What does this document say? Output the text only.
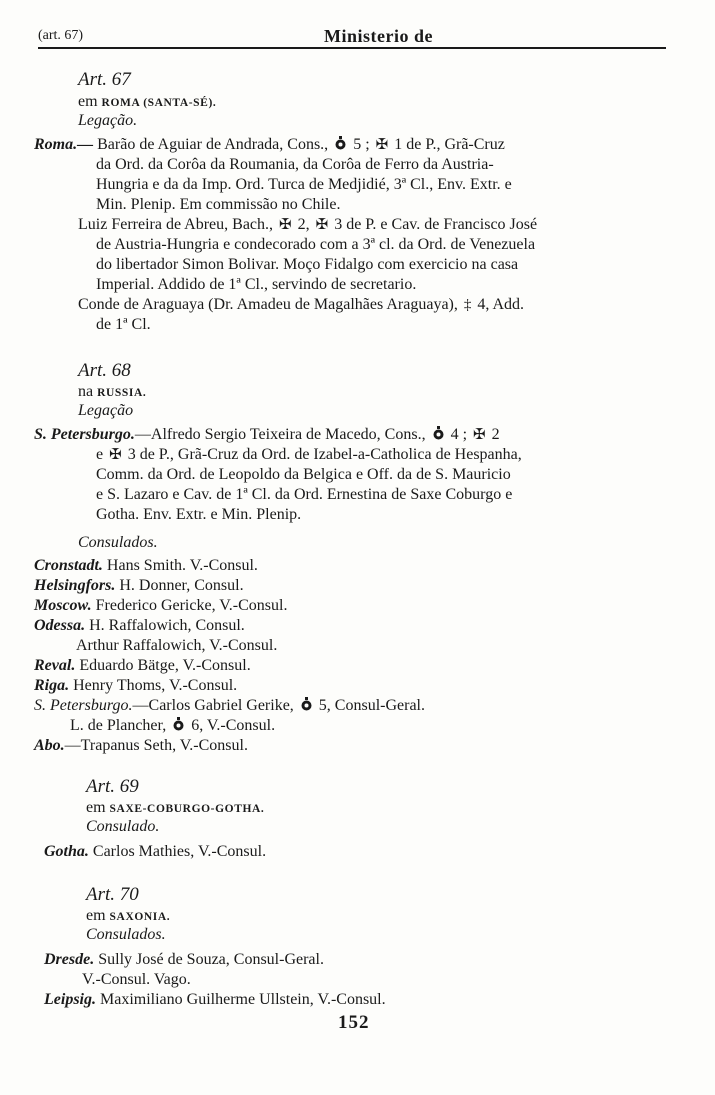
(art. 67)	Ministerio de
Art. 67
em ROMA (SANTA-SÉ).
Legação.
Roma.— Barão de Aguiar de Andrada, Cons., 5 ; ✠ 1 de P., Grã-Cruz
da Ord. da Corôa da Roumania, da Corôa de Ferro da Austria-
Hungria e da da Imp. Ord. Turca de Medjidié, 3ª Cl., Env. Extr. e
Min. Plenip. Em commissão no Chile.
Luiz Ferreira de Abreu, Bach., ✠ 2, ✠ 3 de P. e Cav. de Francisco José
de Austria-Hungria e condecorado com a 3ª cl. da Ord. de Venezuela
do libertador Simon Bolivar. Moço Fidalgo com exercicio na casa
Imperial. Addido de 1ª Cl., servindo de secretario.
Conde de Araguaya (Dr. Amadeu de Magalhães Araguaya), ‡ 4, Add.
de 1ª Cl.
Art. 68
na RUSSIA.
Legação
S. Petersburgo.—Alfredo Sergio Teixeira de Macedo, Cons., 4 ; ✠ 2
e ✠ 3 de P., Grã-Cruz da Ord. de Izabel-a-Catholica de Hespanha,
Comm. da Ord. de Leopoldo da Belgica e Off. da de S. Mauricio
e S. Lazaro e Cav. de 1ª Cl. da Ord. Ernestina de Saxe Coburgo e
Gotha. Env. Extr. e Min. Plenip.
Consulados.
Cronstadt. Hans Smith. V.-Consul.
Helsingfors. H. Donner, Consul.
Moscow. Frederico Gericke, V.-Consul.
Odessa. H. Raffalowich, Consul.
Arthur Raffalowich, V.-Consul.
Reval. Eduardo Bätge, V.-Consul.
Riga. Henry Thoms, V.-Consul.
S. Petersburgo.—Carlos Gabriel Gerike, 5, Consul-Geral.
L. de Plancher, 6, V.-Consul.
Abo.—Trapanus Seth, V.-Consul.
Art. 69
em SAXE-COBURGO-GOTHA.
Consulado.
Gotha. Carlos Mathies, V.-Consul.
Art. 70
em SAXONIA.
Consulados.
Dresde. Sully José de Souza, Consul-Geral.
V.-Consul. Vago.
Leipsig. Maximiliano Guilherme Ullstein, V.-Consul.
152
